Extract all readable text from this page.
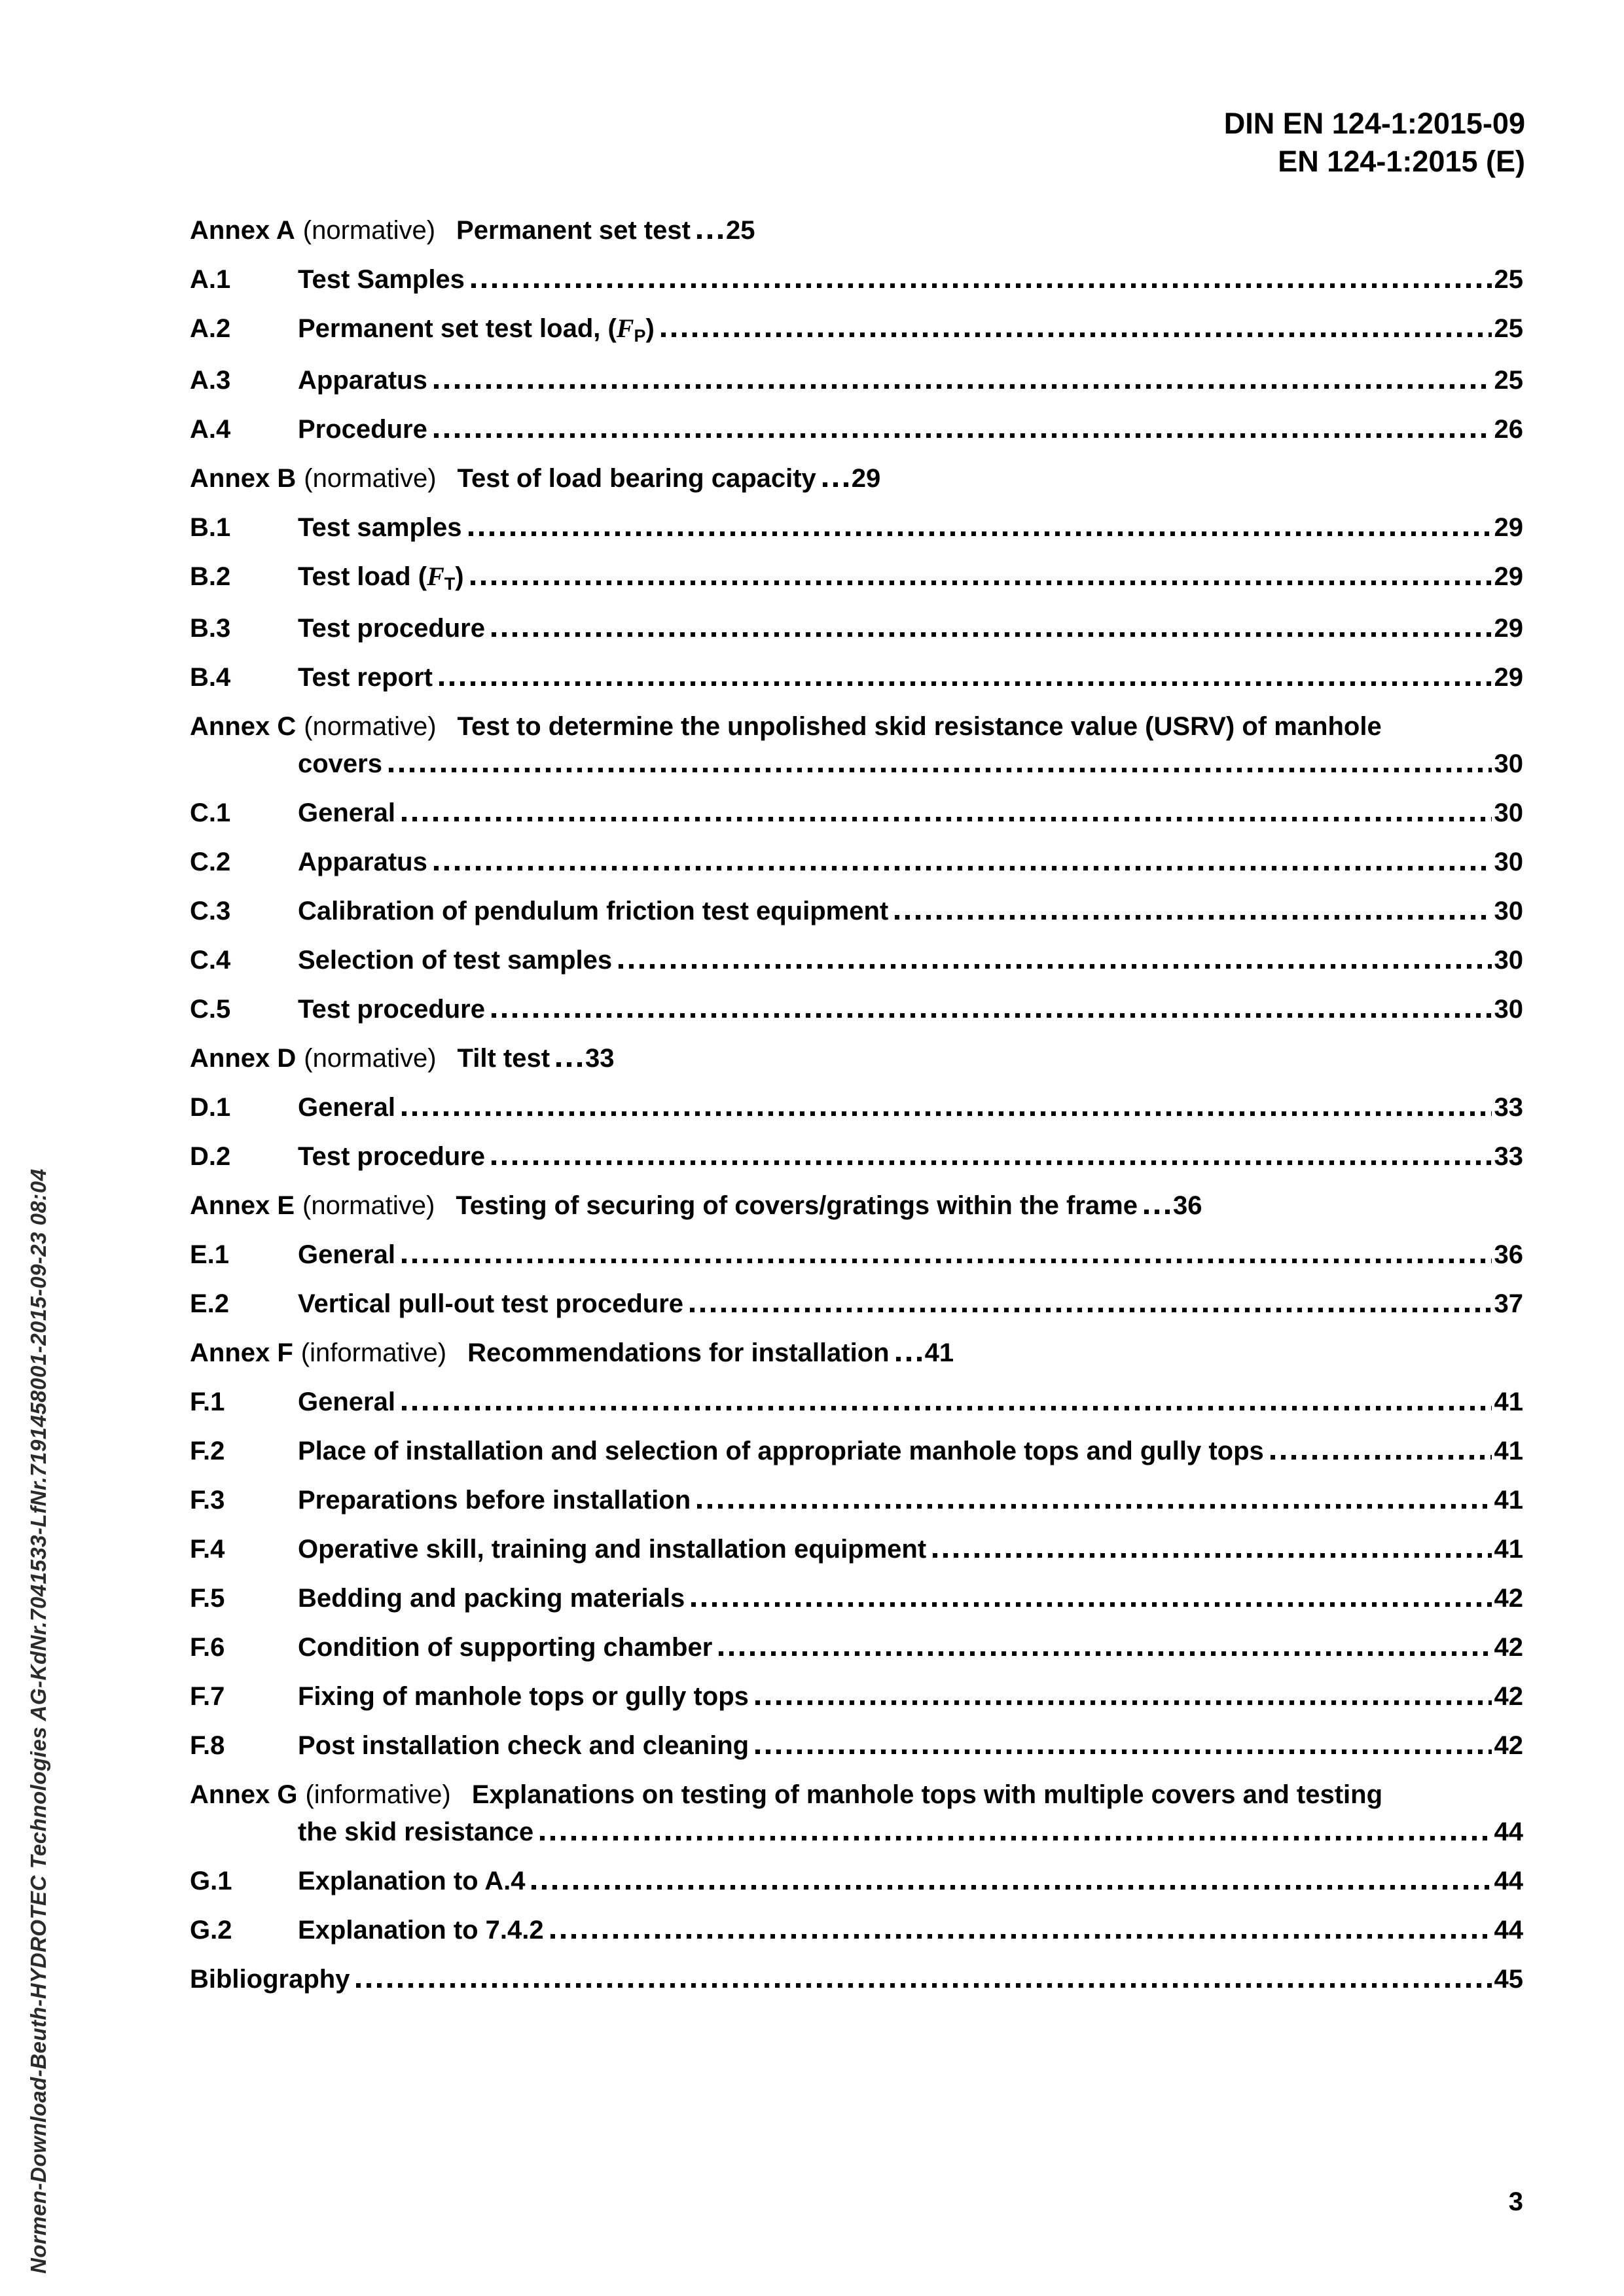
DIN EN 124-1:2015-09
EN 124-1:2015 (E)
Normen-Download-Beuth-HYDROTEC Technologies AG-KdNr.7041533-LfNr.7191458001-2015-09-23 08:04
Annex A (normative) Permanent set test 25
A.1	Test Samples	25
A.2	Permanent set test load, (FP)	25
A.3	Apparatus	25
A.4	Procedure	26
Annex B (normative) Test of load bearing capacity 29
B.1	Test samples	29
B.2	Test load (FT)	29
B.3	Test procedure	29
B.4	Test report	29
Annex C (normative) Test to determine the unpolished skid resistance value (USRV) of manhole
covers	30
C.1	General	30
C.2	Apparatus	30
C.3	Calibration of pendulum friction test equipment	30
C.4	Selection of test samples	30
C.5	Test procedure	30
Annex D (normative) Tilt test 33
D.1	General	33
D.2	Test procedure	33
Annex E (normative) Testing of securing of covers/gratings within the frame 36
E.1	General	36
E.2	Vertical pull-out test procedure	37
Annex F (informative) Recommendations for installation 41
F.1	General	41
F.2	Place of installation and selection of appropriate manhole tops and gully tops	41
F.3	Preparations before installation	41
F.4	Operative skill, training and installation equipment	41
F.5	Bedding and packing materials	42
F.6	Condition of supporting chamber	42
F.7	Fixing of manhole tops or gully tops	42
F.8	Post installation check and cleaning	42
Annex G (informative) Explanations on testing of manhole tops with multiple covers and testing
the skid resistance	44
G.1	Explanation to A.4	44
G.2	Explanation to 7.4.2	44
Bibliography	45
3
